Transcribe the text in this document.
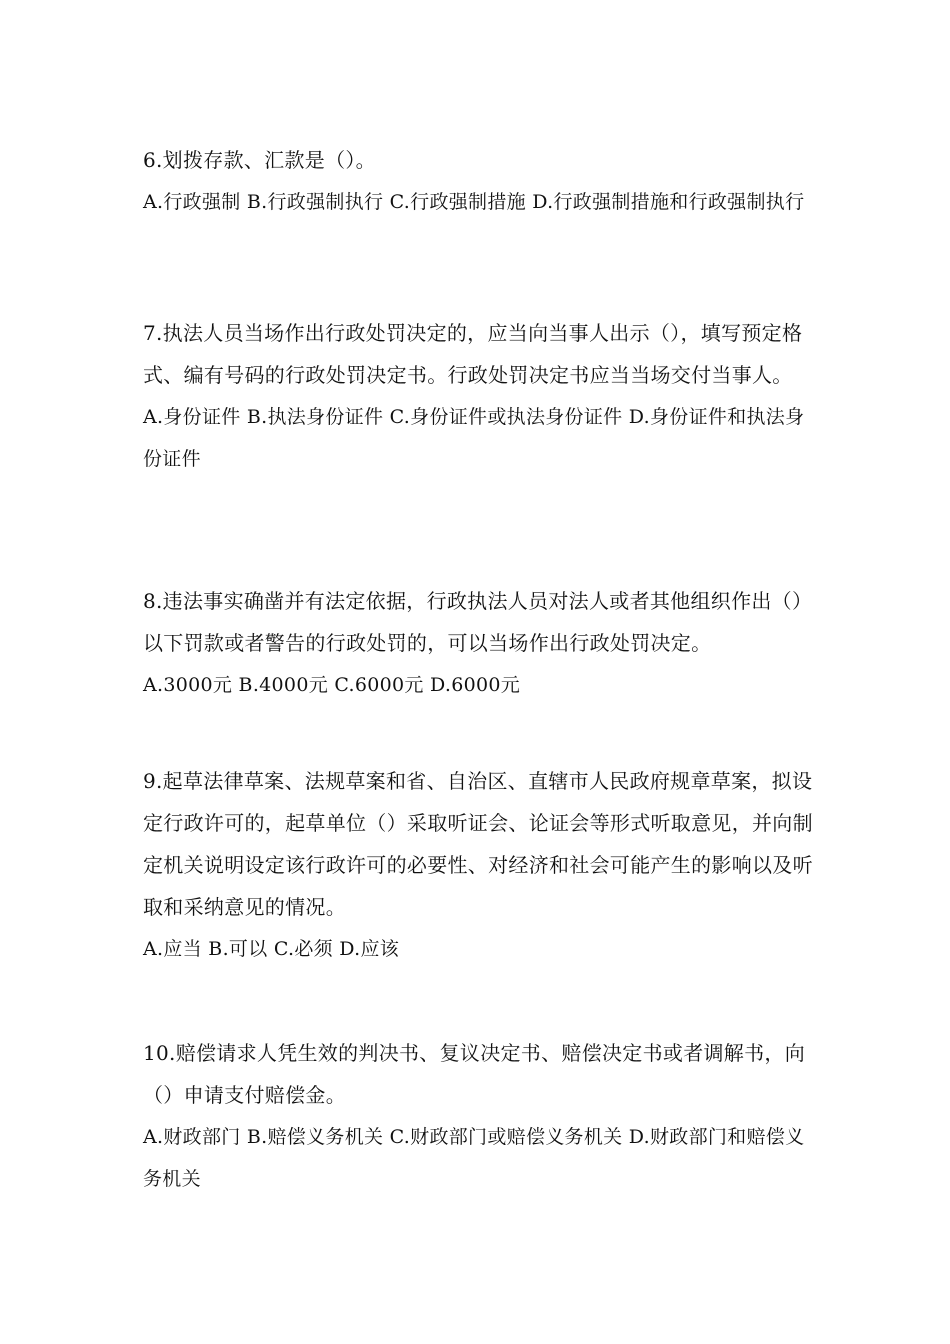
6.划拨存款、汇款是（）。

A.行政强制 B.行政强制执行 C.行政强制措施 D.行政强制措施和行政强制执行

7.执法人员当场作出行政处罚决定的，应当向当事人出示（），填写预定格式、编有号码的行政处罚决定书。行政处罚决定书应当当场交付当事人。

A.身份证件 B.执法身份证件 C.身份证件或执法身份证件 D.身份证件和执法身份证件

8.违法事实确凿并有法定依据，行政执法人员对法人或者其他组织作出（）以下罚款或者警告的行政处罚的，可以当场作出行政处罚决定。

A.3000元 B.4000元 C.6000元 D.6000元

9.起草法律草案、法规草案和省、自治区、直辖市人民政府规章草案，拟设定行政许可的，起草单位（）采取听证会、论证会等形式听取意见，并向制定机关说明设定该行政许可的必要性、对经济和社会可能产生的影响以及听取和采纳意见的情况。

A.应当 B.可以 C.必须 D.应该

10.赔偿请求人凭生效的判决书、复议决定书、赔偿决定书或者调解书，向（）申请支付赔偿金。

A.财政部门 B.赔偿义务机关 C.财政部门或赔偿义务机关 D.财政部门和赔偿义务机关
